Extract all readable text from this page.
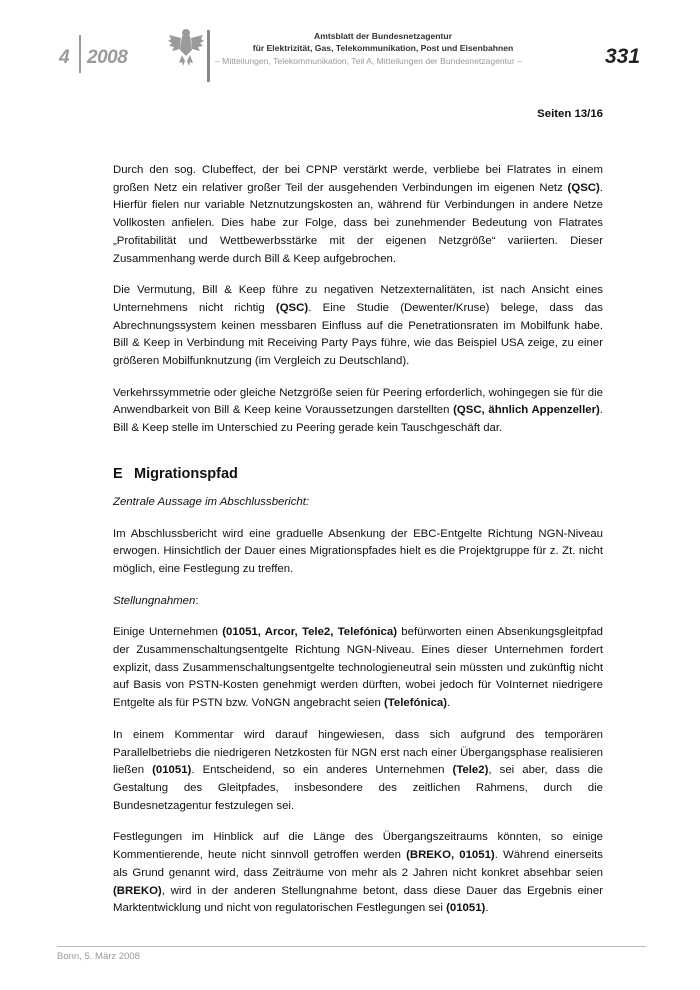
4 2008
Amtsblatt der Bundesnetzagentur
für Elektrizität, Gas, Telekommunikation, Post und Eisenbahnen
– Mitteilungen, Telekommunikation, Teil A, Mitteilungen der Bundesnetzagentur –	331
Seiten 13/16

Durch den sog. Clubeffect, der bei CPNP verstärkt werde, verbliebe bei Flatrates in einem großen Netz ein relativer großer Teil der ausgehenden Verbindungen im eigenen Netz (QSC). Hierfür fielen nur variable Netznutzungskosten an, während für Verbindungen in andere Netze Vollkosten anfielen. Dies habe zur Folge, dass bei zunehmender Bedeutung von Flatrates „Profitabilität und Wettbewerbsstärke mit der eigenen Netzgröße“ variierten. Dieser Zusammenhang werde durch Bill & Keep aufgebrochen.

Die Vermutung, Bill & Keep führe zu negativen Netzexternalitäten, ist nach Ansicht eines Unternehmens nicht richtig (QSC). Eine Studie (Dewenter/Kruse) belege, dass das Abrechnungssystem keinen messbaren Einfluss auf die Penetrationsraten im Mobilfunk habe. Bill & Keep in Verbindung mit Receiving Party Pays führe, wie das Beispiel USA zeige, zu einer größeren Mobilfunknutzung (im Vergleich zu Deutschland).

Verkehrssymmetrie oder gleiche Netzgröße seien für Peering erforderlich, wohingegen sie für die Anwendbarkeit von Bill & Keep keine Voraussetzungen darstellten (QSC, ähnlich Appenzeller). Bill & Keep stelle im Unterschied zu Peering gerade kein Tauschgeschäft dar.

E Migrationspfad

Zentrale Aussage im Abschlussbericht:

Im Abschlussbericht wird eine graduelle Absenkung der EBC-Entgelte Richtung NGN-Niveau erwogen. Hinsichtlich der Dauer eines Migrationspfades hielt es die Projektgruppe für z. Zt. nicht möglich, eine Festlegung zu treffen.

Stellungnahmen:

Einige Unternehmen (01051, Arcor, Tele2, Telefónica) befürworten einen Absenkungsgleitpfad der Zusammenschaltungsentgelte Richtung NGN-Niveau. Eines dieser Unternehmen fordert explizit, dass Zusammenschaltungsentgelte technologieneutral sein müssten und zukünftig nicht auf Basis von PSTN-Kosten genehmigt werden dürften, wobei jedoch für VoInternet niedrigere Entgelte als für PSTN bzw. VoNGN angebracht seien (Telefónica).

In einem Kommentar wird darauf hingewiesen, dass sich aufgrund des temporären Parallelbetriebs die niedrigeren Netzkosten für NGN erst nach einer Übergangsphase realisieren ließen (01051). Entscheidend, so ein anderes Unternehmen (Tele2), sei aber, dass die Gestaltung des Gleitpfades, insbesondere des zeitlichen Rahmens, durch die Bundesnetzagentur festzulegen sei.

Festlegungen im Hinblick auf die Länge des Übergangszeitraums könnten, so einige Kommentierende, heute nicht sinnvoll getroffen werden (BREKO, 01051). Während einerseits als Grund genannt wird, dass Zeiträume von mehr als 2 Jahren nicht konkret absehbar seien (BREKO), wird in der anderen Stellungnahme betont, dass diese Dauer das Ergebnis einer Marktentwicklung und nicht von regulatorischen Festlegungen sei (01051).

Bonn, 5. März 2008
